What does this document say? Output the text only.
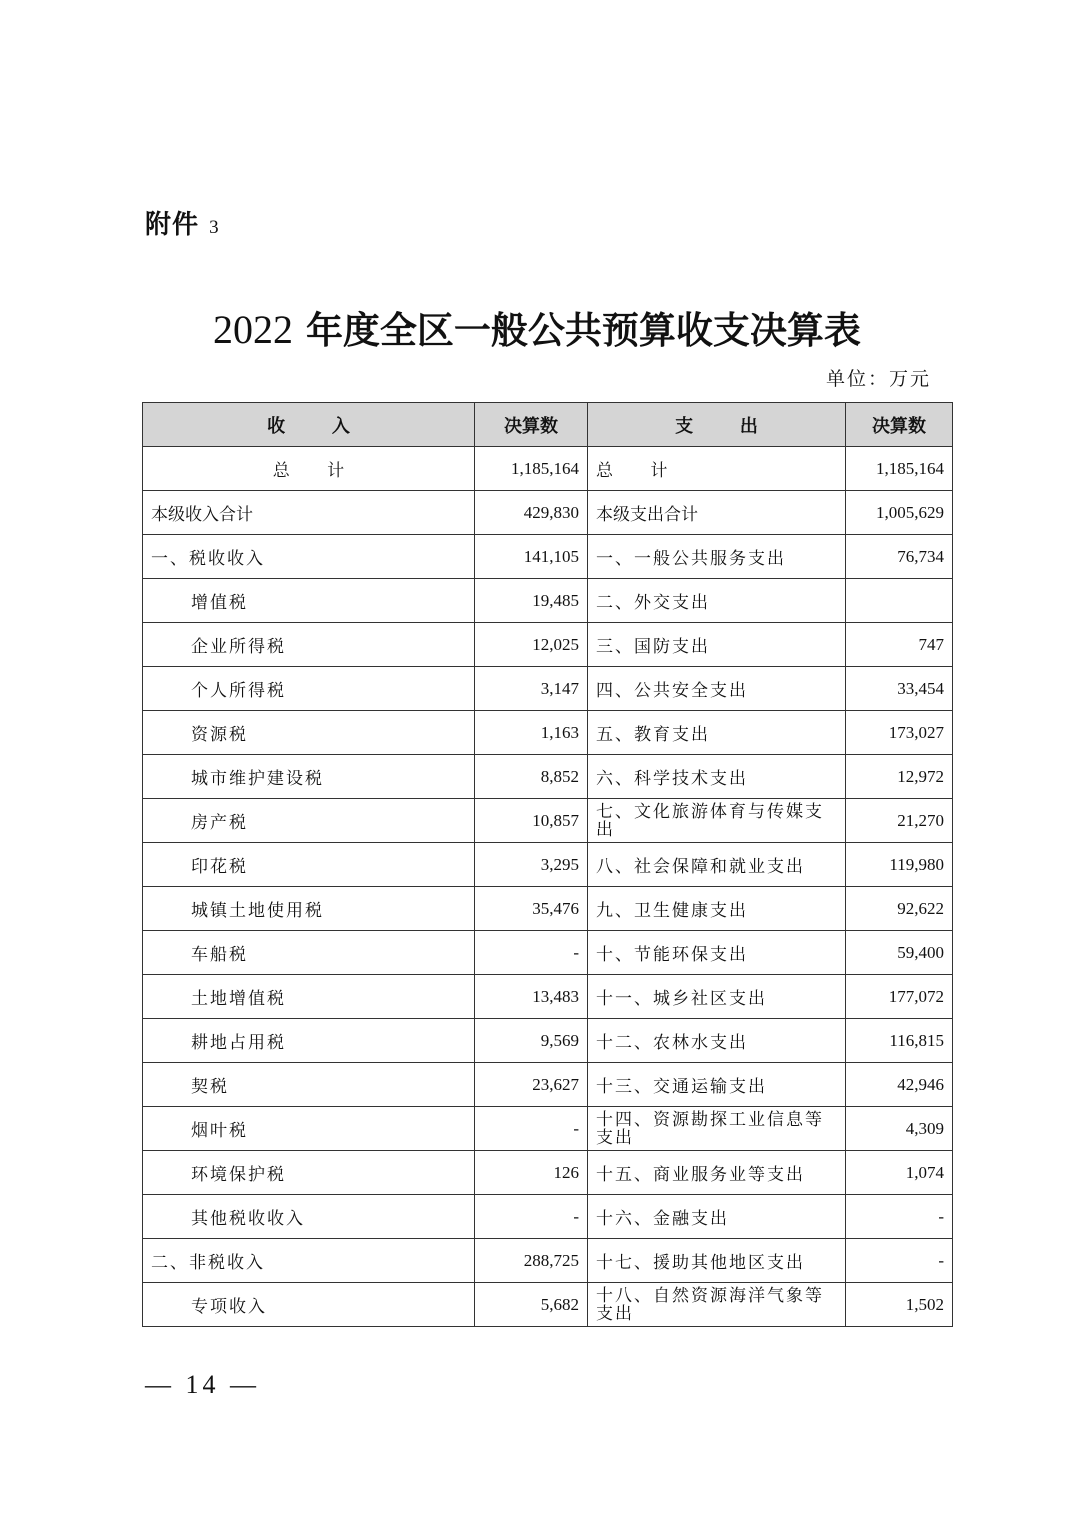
附件 3
2022 年度全区一般公共预算收支决算表
单位：万元
收入	决算数	支出	决算数
总计	1,185,164	总计	1,185,164
本级收入合计	429,830	本级支出合计	1,005,629
一、税收收入	141,105	一、一般公共服务支出	76,734
增值税	19,485	二、外交支出	
企业所得税	12,025	三、国防支出	747
个人所得税	3,147	四、公共安全支出	33,454
资源税	1,163	五、教育支出	173,027
城市维护建设税	8,852	六、科学技术支出	12,972
房产税	10,857	七、文化旅游体育与传媒支出	21,270
印花税	3,295	八、社会保障和就业支出	119,980
城镇土地使用税	35,476	九、卫生健康支出	92,622
车船税	-	十、节能环保支出	59,400
土地增值税	13,483	十一、城乡社区支出	177,072
耕地占用税	9,569	十二、农林水支出	116,815
契税	23,627	十三、交通运输支出	42,946
烟叶税	-	十四、资源勘探工业信息等支出	4,309
环境保护税	126	十五、商业服务业等支出	1,074
其他税收收入	-	十六、金融支出	-
二、非税收入	288,725	十七、援助其他地区支出	-
专项收入	5,682	十八、自然资源海洋气象等支出	1,502
— 14 —
